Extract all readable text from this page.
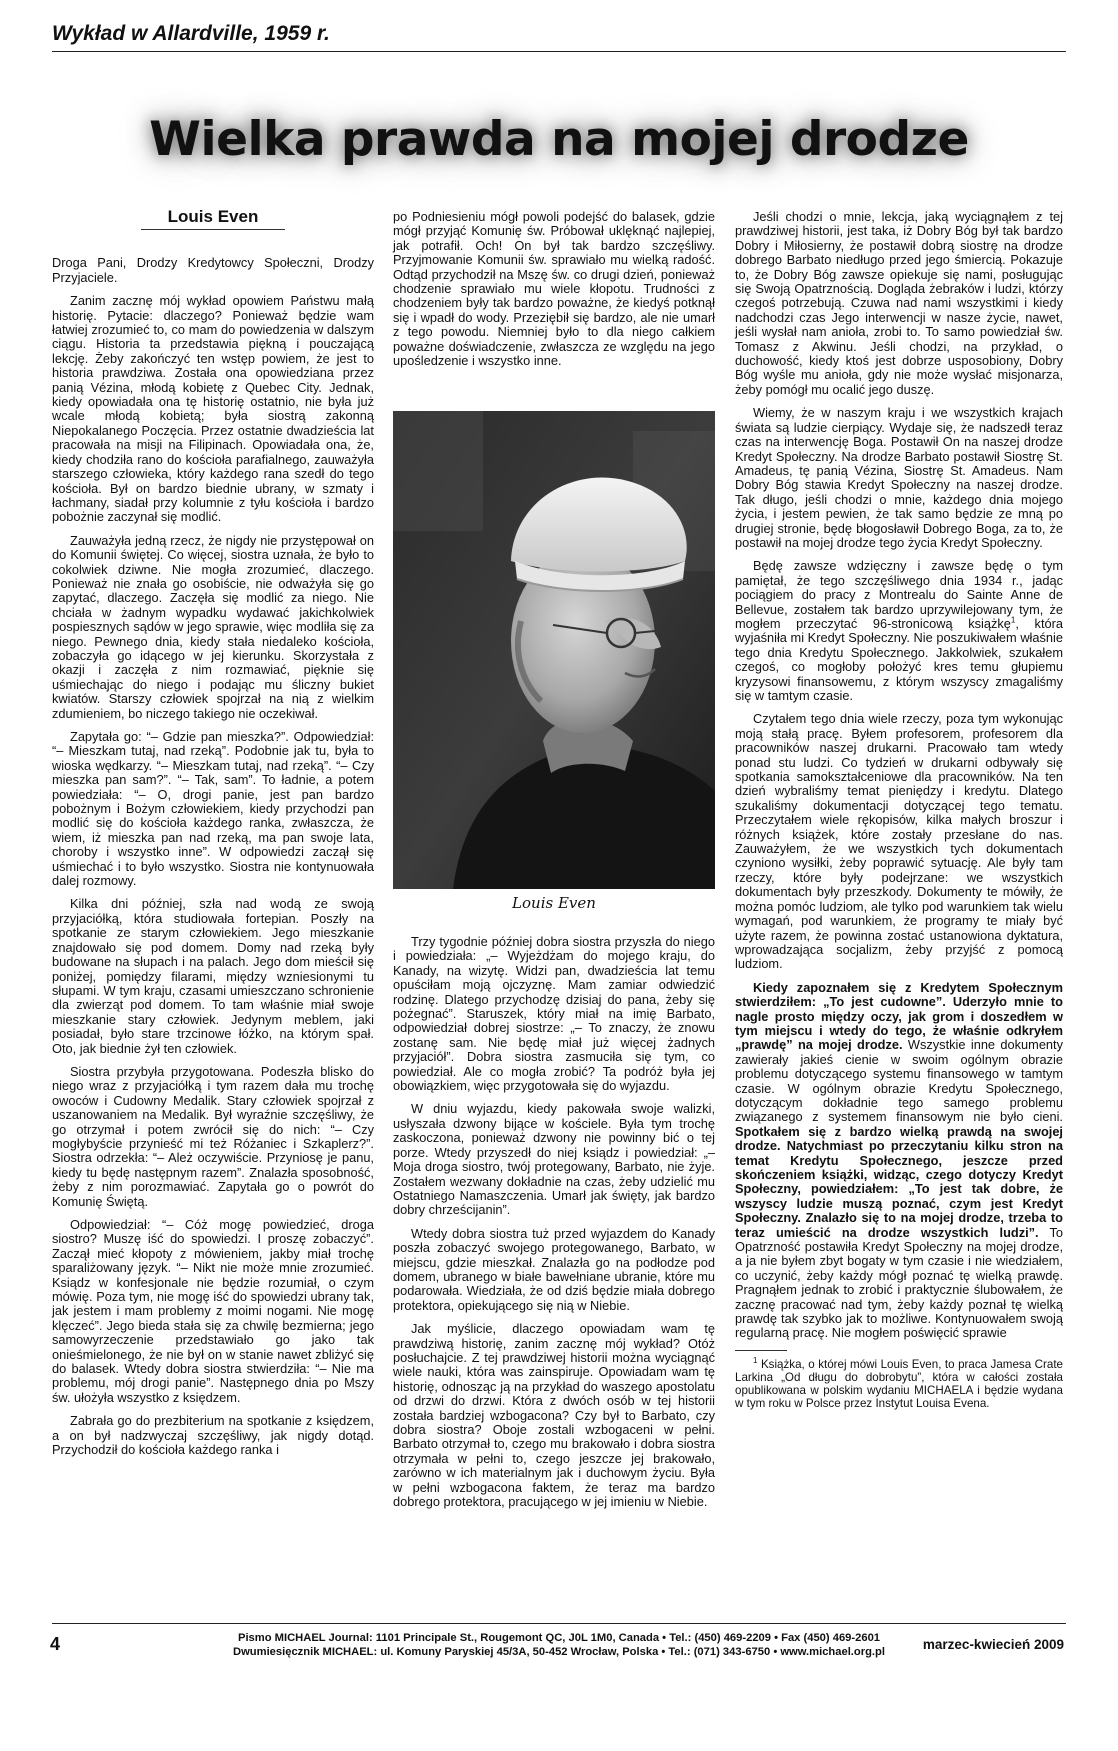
Wykład w Allardville, 1959 r.
Wielka prawda na mojej drodze
Louis Even

Droga Pani, Drodzy Kredytowcy Społeczni, Drodzy Przyjaciele.

Zanim zacznę mój wykład opowiem Państwu małą historię. Pytacie: dlaczego? Ponieważ będzie wam łatwiej zrozumieć to, co mam do powiedzenia w dalszym ciągu. Historia ta przedstawia piękną i pouczającą lekcję. Żeby zakończyć ten wstęp powiem, że jest to historia prawdziwa. Została ona opowiedziana przez panią Vézina, młodą kobietę z Quebec City. Jednak, kiedy opowiadała ona tę historię ostatnio, nie była już wcale młodą kobietą; była siostrą zakonną Niepokalanego Poczęcia. Przez ostatnie dwadzieścia lat pracowała na misji na Filipinach. Opowiadała ona, że, kiedy chodziła rano do kościoła parafialnego, zauważyła starszego człowieka, który każdego rana szedł do tego kościoła. Był on bardzo biednie ubrany, w szmaty i łachmany, siadał przy kolumnie z tyłu kościoła i bardzo pobożnie zaczynał się modlić.

Zauważyła jedną rzecz, że nigdy nie przystępował on do Komunii świętej. Co więcej, siostra uznała, że było to cokolwiek dziwne. Nie mogła zrozumieć, dlaczego. Ponieważ nie znała go osobiście, nie odważyła się go zapytać, dlaczego. Zaczęła się modlić za niego. Nie chciała w żadnym wypadku wydawać jakichkolwiek pospiesznych sądów w jego sprawie, więc modliła się za niego. Pewnego dnia, kiedy stała niedaleko kościoła, zobaczyła go idącego w jej kierunku. Skorzystała z okazji i zaczęła z nim rozmawiać, pięknie się uśmiechając do niego i podając mu śliczny bukiet kwiatów. Starszy człowiek spojrzał na nią z wielkim zdumieniem, bo niczego takiego nie oczekiwał.

Zapytała go: “– Gdzie pan mieszka?”. Odpowiedział: “– Mieszkam tutaj, nad rzeką”. Podobnie jak tu, była to wioska wędkarzy. “– Mieszkam tutaj, nad rzeką”. “– Czy mieszka pan sam?”. “– Tak, sam”. To ładnie, a potem powiedziała: “– O, drogi panie, jest pan bardzo pobożnym i Bożym człowiekiem, kiedy przychodzi pan modlić się do kościoła każdego ranka, zwłaszcza, że wiem, iż mieszka pan nad rzeką, ma pan swoje lata, choroby i wszystko inne”. W odpowiedzi zaczął się uśmiechać i to było wszystko. Siostra nie kontynuowała dalej rozmowy.

Kilka dni później, szła nad wodą ze swoją przyjaciółką, która studiowała fortepian. Poszły na spotkanie ze starym człowiekiem. Jego mieszkanie znajdowało się pod domem. Domy nad rzeką były budowane na słupach i na palach. Jego dom mieścił się poniżej, pomiędzy filarami, między wzniesionymi tu słupami. W tym kraju, czasami umieszczano schronienie dla zwierząt pod domem. To tam właśnie miał swoje mieszkanie stary człowiek. Jedynym meblem, jaki posiadał, było stare trzcinowe łóżko, na którym spał. Oto, jak biednie żył ten człowiek.

Siostra przybyła przygotowana. Podeszła blisko do niego wraz z przyjaciółką i tym razem dała mu trochę owoców i Cudowny Medalik. Stary człowiek spojrzał z uszanowaniem na Medalik. Był wyraźnie szczęśliwy, że go otrzymał i potem zwrócił się do nich: “– Czy mogłybyście przynieść mi też Różaniec i Szkaplerz?”. Siostra odrzekła: “– Ależ oczywiście. Przyniosę je panu, kiedy tu będę następnym razem”. Znalazła sposobność, żeby z nim porozmawiać. Zapytała go o powrót do Komunię Świętą.

Odpowiedział: “– Cóż mogę powiedzieć, droga siostro? Muszę iść do spowiedzi. I proszę zobaczyć”. Zaczął mieć kłopoty z mówieniem, jakby miał trochę sparaliżowany język. “– Nikt nie może mnie zrozumieć. Ksiądz w konfesjonale nie będzie rozumiał, o czym mówię. Poza tym, nie mogę iść do spowiedzi ubrany tak, jak jestem i mam problemy z moimi nogami. Nie mogę klęczeć”. Jego bieda stała się za chwilę bezmierna; jego samowyrzeczenie przedstawiało go jako tak onieśmielonego, że nie był on w stanie nawet zbliżyć się do balasek. Wtedy dobra siostra stwierdziła: “– Nie ma problemu, mój drogi panie”. Następnego dnia po Mszy św. ułożyła wszystko z księdzem.

Zabrała go do prezbiterium na spotkanie z księdzem, a on był nadzwyczaj szczęśliwy, jak nigdy dotąd. Przychodził do kościoła każdego ranka i

po Podniesieniu mógł powoli podejść do balasek, gdzie mógł przyjąć Komunię św. Próbował uklęknąć najlepiej, jak potrafił. Och! On był tak bardzo szczęśliwy. Przyjmowanie Komunii św. sprawiało mu wielką radość. Odtąd przychodził na Mszę św. co drugi dzień, ponieważ chodzenie sprawiało mu wiele kłopotu. Trudności z chodzeniem były tak bardzo poważne, że kiedyś potknął się i wpadł do wody. Przeziębił się bardzo, ale nie umarł z tego powodu. Niemniej było to dla niego całkiem poważne doświadczenie, zwłaszcza ze względu na jego upośledzenie i wszystko inne.

Louis Even

Trzy tygodnie później dobra siostra przyszła do niego i powiedziała: „– Wyjeżdżam do mojego kraju, do Kanady, na wizytę. Widzi pan, dwadzieścia lat temu opuściłam moją ojczyznę. Mam zamiar odwiedzić rodzinę. Dlatego przychodzę dzisiaj do pana, żeby się pożegnać”. Staruszek, który miał na imię Barbato, odpowiedział dobrej siostrze: „– To znaczy, że znowu zostanę sam. Nie będę miał już więcej żadnych przyjaciół”. Dobra siostra zasmuciła się tym, co powiedział. Ale co mogła zrobić? Ta podróż była jej obowiązkiem, więc przygotowała się do wyjazdu.

W dniu wyjazdu, kiedy pakowała swoje walizki, usłyszała dzwony bijące w kościele. Była tym trochę zaskoczona, ponieważ dzwony nie powinny bić o tej porze. Wtedy przyszedł do niej ksiądz i powiedział: „– Moja droga siostro, twój protegowany, Barbato, nie żyje. Zostałem wezwany dokładnie na czas, żeby udzielić mu Ostatniego Namaszczenia. Umarł jak święty, jak bardzo dobry chrześcijanin”.

Wtedy dobra siostra tuż przed wyjazdem do Kanady poszła zobaczyć swojego protegowanego, Barbato, w miejscu, gdzie mieszkał. Znalazła go na podłodze pod domem, ubranego w białe bawełniane ubranie, które mu podarowała. Wiedziała, że od dziś będzie miała dobrego protektora, opiekującego się nią w Niebie.

Jak myślicie, dlaczego opowiadam wam tę prawdziwą historię, zanim zacznę mój wykład? Otóż posłuchajcie. Z tej prawdziwej historii można wyciągnąć wiele nauki, która was zainspiruje. Opowiadam wam tę historię, odnosząc ją na przykład do waszego apostolatu od drzwi do drzwi. Która z dwóch osób w tej historii została bardziej wzbogacona? Czy był to Barbato, czy dobra siostra? Oboje zostali wzbogaceni w pełni. Barbato otrzymał to, czego mu brakowało i dobra siostra otrzymała w pełni to, czego jeszcze jej brakowało, zarówno w ich materialnym jak i duchowym życiu. Była w pełni wzbogacona faktem, że teraz ma bardzo dobrego protektora, pracującego w jej imieniu w Niebie.

Jeśli chodzi o mnie, lekcja, jaką wyciągnąłem z tej prawdziwej historii, jest taka, iż Dobry Bóg był tak bardzo Dobry i Miłosierny, że postawił dobrą siostrę na drodze dobrego Barbato niedługo przed jego śmiercią. Pokazuje to, że Dobry Bóg zawsze opiekuje się nami, posługując się Swoją Opatrznością. Dogląda żebraków i ludzi, którzy czegoś potrzebują. Czuwa nad nami wszystkimi i kiedy nadchodzi czas Jego interwencji w nasze życie, nawet, jeśli wysłał nam anioła, zrobi to. To samo powiedział św. Tomasz z Akwinu. Jeśli chodzi, na przykład, o duchowość, kiedy ktoś jest dobrze usposobiony, Dobry Bóg wyśle mu anioła, gdy nie może wysłać misjonarza, żeby pomógł mu ocalić jego duszę.

Wiemy, że w naszym kraju i we wszystkich krajach świata są ludzie cierpiący. Wydaje się, że nadszedł teraz czas na interwencję Boga. Postawił On na naszej drodze Kredyt Społeczny. Na drodze Barbato postawił Siostrę St. Amadeus, tę panią Vézina, Siostrę St. Amadeus. Nam Dobry Bóg stawia Kredyt Społeczny na naszej drodze. Tak długo, jeśli chodzi o mnie, każdego dnia mojego życia, i jestem pewien, że tak samo będzie ze mną po drugiej stronie, będę błogosławił Dobrego Boga, za to, że postawił na mojej drodze tego życia Kredyt Społeczny.

Będę zawsze wdzięczny i zawsze będę o tym pamiętał, że tego szczęśliwego dnia 1934 r., jadąc pociągiem do pracy z Montrealu do Sainte Anne de Bellevue, zostałem tak bardzo uprzywilejowany tym, że mogłem przeczytać 96-stronicową książkę$^1$, która wyjaśniła mi Kredyt Społeczny. Nie poszukiwałem właśnie tego dnia Kredytu Społecznego. Jakkolwiek, szukałem czegoś, co mogłoby położyć kres temu głupiemu kryzysowi finansowemu, z którym wszyscy zmagaliśmy się w tamtym czasie.

Czytałem tego dnia wiele rzeczy, poza tym wykonując moją stałą pracę. Byłem profesorem, profesorem dla pracowników naszej drukarni. Pracowało tam wtedy ponad stu ludzi. Co tydzień w drukarni odbywały się spotkania samokształceniowe dla pracowników. Na ten dzień wybraliśmy temat pieniędzy i kredytu. Dlatego szukaliśmy dokumentacji dotyczącej tego tematu. Przeczytałem wiele rękopisów, kilka małych broszur i różnych książek, które zostały przesłane do nas. Zauważyłem, że we wszystkich tych dokumentach czyniono wysiłki, żeby poprawić sytuację. Ale były tam rzeczy, które były podejrzane: we wszystkich dokumentach były przeszkody. Dokumenty te mówiły, że można pomóc ludziom, ale tylko pod warunkiem tak wielu wymagań, pod warunkiem, że programy te miały być użyte razem, że powinna zostać ustanowiona dyktatura, wprowadzająca socjalizm, żeby przyjść z pomocą ludziom.

Kiedy zapoznałem się z Kredytem Społecznym stwierdziłem: „To jest cudowne”. Uderzyło mnie to nagle prosto między oczy, jak grom i doszedłem w tym miejscu i wtedy do tego, że właśnie odkryłem „prawdę” na mojej drodze. Wszystkie inne dokumenty zawierały jakieś cienie w swoim ogólnym obrazie problemu dotyczącego systemu finansowego w tamtym czasie. W ogólnym obrazie Kredytu Społecznego, dotyczącym dokładnie tego samego problemu związanego z systemem finansowym nie było cieni. Spotkałem się z bardzo wielką prawdą na swojej drodze. Natychmiast po przeczytaniu kilku stron na temat Kredytu Społecznego, jeszcze przed skończeniem książki, widząc, czego dotyczy Kredyt Społeczny, powiedziałem: „To jest tak dobre, że wszyscy ludzie muszą poznać, czym jest Kredyt Społeczny. Znalazło się to na mojej drodze, trzeba to teraz umieścić na drodze wszystkich ludzi”. To Opatrzność postawiła Kredyt Społeczny na mojej drodze, a ja nie byłem zbyt bogaty w tym czasie i nie wiedziałem, co uczynić, żeby każdy mógł poznać tę wielką prawdę. Pragnąłem jednak to zrobić i praktycznie ślubowałem, że zacznę pracować nad tym, żeby każdy poznał tę wielką prawdę tak szybko jak to możliwe. Kontynuowałem swoją regularną pracę. Nie mogłem poświęcić sprawie

$^1$ Książka, o której mówi Louis Even, to praca Jamesa Crate Larkina „Od długu do dobrobytu”, która w całości została opublikowana w polskim wydaniu MICHAELA i będzie wydana w tym roku w Polsce przez Instytut Louisa Evena.

4	Pismo MICHAEL Journal: 1101 Principale St., Rougemont QC, J0L 1M0, Canada • Tel.: (450) 469-2209 • Fax (450) 469-2601
Dwumiesięcznik MICHAEL: ul. Komuny Paryskiej 45/3A, 50-452 Wrocław, Polska • Tel.: (071) 343-6750 • www.michael.org.pl	marzec-kwiecień 2009
